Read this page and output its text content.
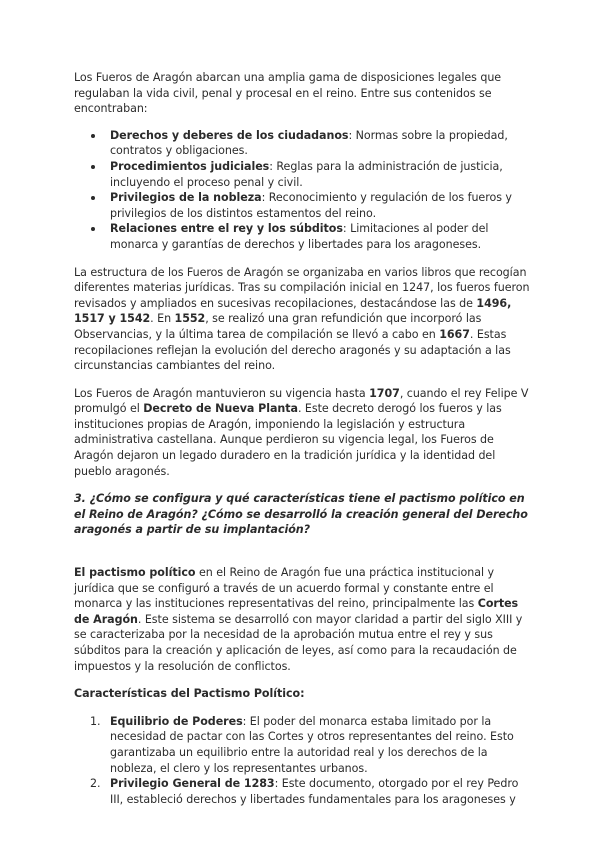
Los Fueros de Aragón abarcan una amplia gama de disposiciones legales que regulaban la vida civil, penal y procesal en el reino. Entre sus contenidos se encontraban:

Derechos y deberes de los ciudadanos: Normas sobre la propiedad, contratos y obligaciones.
Procedimientos judiciales: Reglas para la administración de justicia, incluyendo el proceso penal y civil.
Privilegios de la nobleza: Reconocimiento y regulación de los fueros y privilegios de los distintos estamentos del reino.
Relaciones entre el rey y los súbditos: Limitaciones al poder del monarca y garantías de derechos y libertades para los aragoneses.

La estructura de los Fueros de Aragón se organizaba en varios libros que recogían diferentes materias jurídicas. Tras su compilación inicial en 1247, los fueros fueron revisados y ampliados en sucesivas recopilaciones, destacándose las de 1496, 1517 y 1542. En 1552, se realizó una gran refundición que incorporó las Observancias, y la última tarea de compilación se llevó a cabo en 1667. Estas recopilaciones reflejan la evolución del derecho aragonés y su adaptación a las circunstancias cambiantes del reino.

Los Fueros de Aragón mantuvieron su vigencia hasta 1707, cuando el rey Felipe V promulgó el Decreto de Nueva Planta. Este decreto derogó los fueros y las instituciones propias de Aragón, imponiendo la legislación y estructura administrativa castellana. Aunque perdieron su vigencia legal, los Fueros de Aragón dejaron un legado duradero en la tradición jurídica y la identidad del pueblo aragonés.

3. ¿Cómo se configura y qué características tiene el pactismo político en el Reino de Aragón? ¿Cómo se desarrolló la creación general del Derecho aragonés a partir de su implantación?

El pactismo político en el Reino de Aragón fue una práctica institucional y jurídica que se configuró a través de un acuerdo formal y constante entre el monarca y las instituciones representativas del reino, principalmente las Cortes de Aragón. Este sistema se desarrolló con mayor claridad a partir del siglo XIII y se caracterizaba por la necesidad de la aprobación mutua entre el rey y sus súbditos para la creación y aplicación de leyes, así como para la recaudación de impuestos y la resolución de conflictos.

Características del Pactismo Político:

1. Equilibrio de Poderes: El poder del monarca estaba limitado por la necesidad de pactar con las Cortes y otros representantes del reino. Esto garantizaba un equilibrio entre la autoridad real y los derechos de la nobleza, el clero y los representantes urbanos.
2. Privilegio General de 1283: Este documento, otorgado por el rey Pedro III, estableció derechos y libertades fundamentales para los aragoneses y
